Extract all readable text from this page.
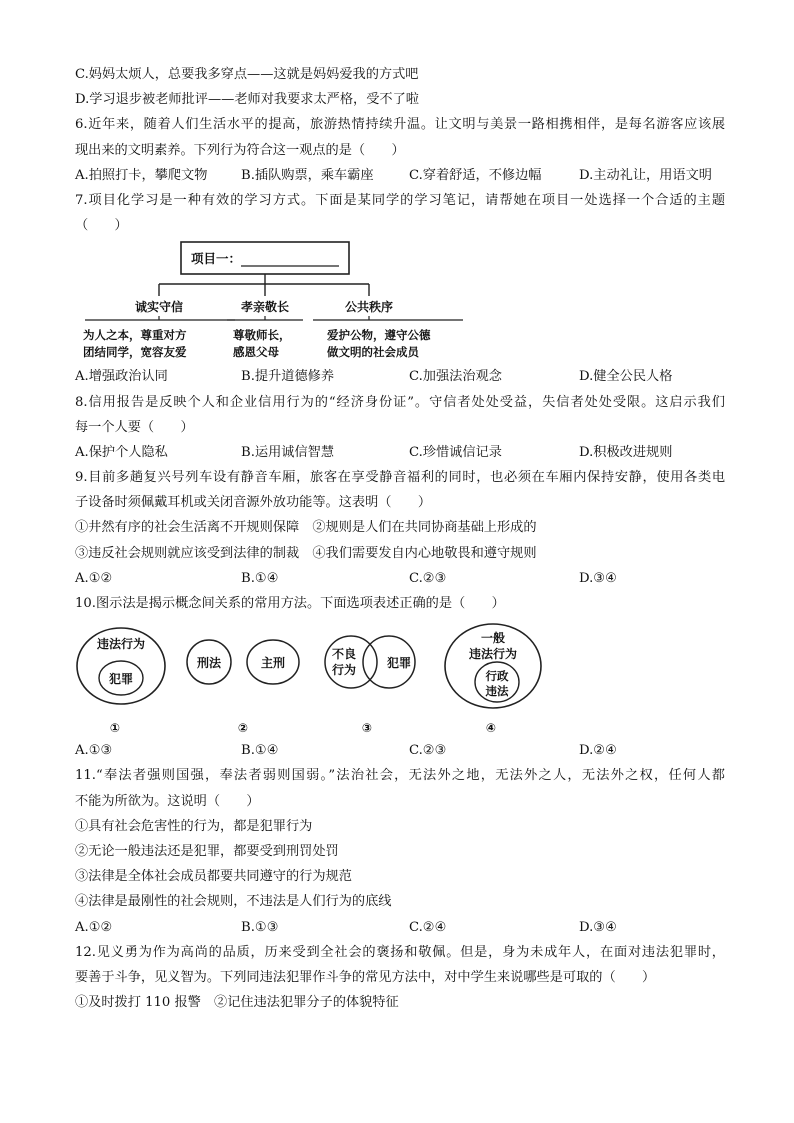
C.妈妈太烦人，总要我多穿点——这就是妈妈爱我的方式吧
D.学习退步被老师批评——老师对我要求太严格，受不了啦
6.近年来，随着人们生活水平的提高，旅游热情持续升温。让文明与美景一路相携相伴，是每名游客应该展
现出来的文明素养。下列行为符合这一观点的是（　　）
A.拍照打卡，攀爬文物	B.插队购票，乘车霸座	C.穿着舒适，不修边幅	D.主动礼让，用语文明
7.项目化学习是一种有效的学习方式。下面是某同学的学习笔记，请帮她在项目一处选择一个合适的主题
（　　）
项目一：
诚实守信	孝亲敬长	公共秩序
为人之本，尊重对方
团结同学，宽容友爱
尊敬师长，
感恩父母
爱护公物，遵守公德
做文明的社会成员
A.增强政治认同	B.提升道德修养	C.加强法治观念	D.健全公民人格
8.信用报告是反映个人和企业信用行为的“经济身份证”。守信者处处受益，失信者处处受限。这启示我们
每一个人要（　　）
A.保护个人隐私	B.运用诚信智慧	C.珍惜诚信记录	D.积极改进规则
9.目前多趟复兴号列车设有静音车厢，旅客在享受静音福利的同时，也必须在车厢内保持安静，使用各类电
子设备时须佩戴耳机或关闭音源外放功能等。这表明（　　）
①井然有序的社会生活离不开规则保障　②规则是人们在共同协商基础上形成的
③违反社会规则就应该受到法律的制裁　④我们需要发自内心地敬畏和遵守规则
A.①②	B.①④	C.②③	D.③④
10.图示法是揭示概念间关系的常用方法。下面选项表述正确的是（　　）
违法行为
犯罪
刑法	主刑
不良
行为	犯罪
一般
违法行为
行政
违法
①	②	③	④
A.①③	B.①④	C.②③	D.②④
11.“奉法者强则国强，奉法者弱则国弱。”法治社会，无法外之地，无法外之人，无法外之权，任何人都
不能为所欲为。这说明（　　）
①具有社会危害性的行为，都是犯罪行为
②无论一般违法还是犯罪，都要受到刑罚处罚
③法律是全体社会成员都要共同遵守的行为规范
④法律是最刚性的社会规则，不违法是人们行为的底线
A.①②	B.①③	C.②④	D.③④
12.见义勇为作为高尚的品质，历来受到全社会的褒扬和敬佩。但是，身为未成年人，在面对违法犯罪时，
要善于斗争，见义智为。下列同违法犯罪作斗争的常见方法中，对中学生来说哪些是可取的（　　）
①及时拨打 110 报警　②记住违法犯罪分子的体貌特征
